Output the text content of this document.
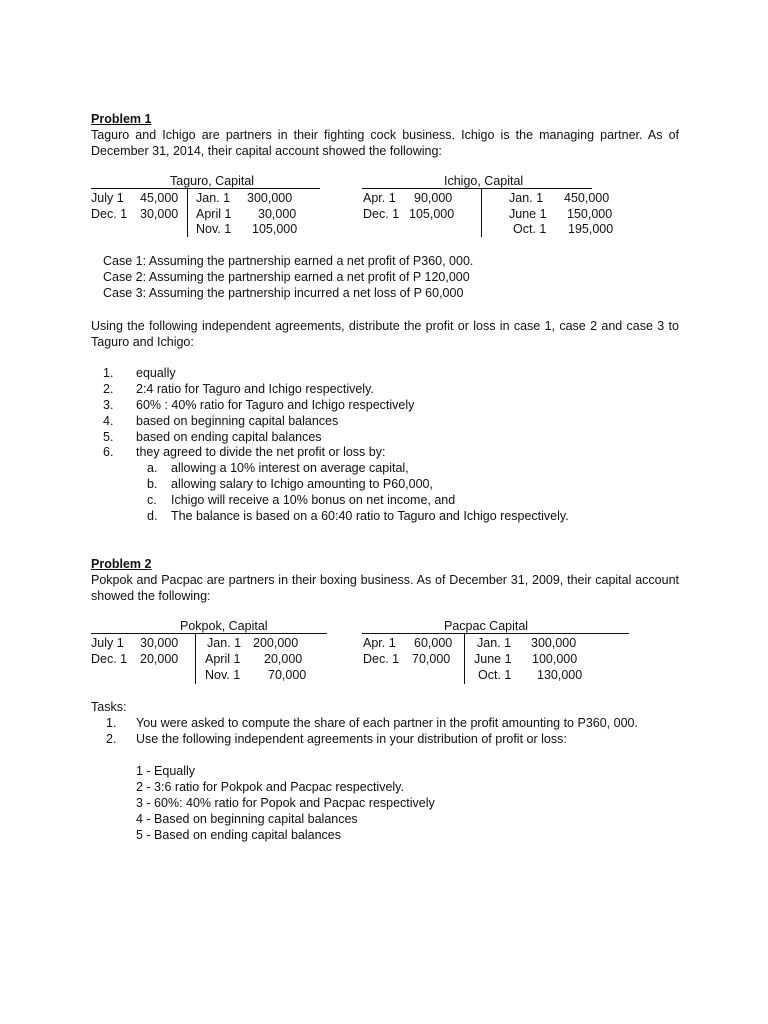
Problem 1
Taguro and Ichigo are partners in their fighting cock business. Ichigo is the managing partner. As of December 31, 2014, their capital account showed the following:
Taguro, Capital
July 1 45,000
Dec. 1 30,000
Jan. 1 300,000
April 1 30,000
Nov. 1 105,000
Ichigo, Capital
Apr. 1 90,000
Dec. 1 105,000
Jan. 1 450,000
June 1 150,000
Oct. 1 195,000
Case 1: Assuming the partnership earned a net profit of P360, 000.
Case 2: Assuming the partnership earned a net profit of P 120,000
Case 3: Assuming the partnership incurred a net loss of P 60,000
Using the following independent agreements, distribute the profit or loss in case 1, case 2 and case 3 to Taguro and Ichigo:
1. equally
2. 2:4 ratio for Taguro and Ichigo respectively.
3. 60% : 40% ratio for Taguro and Ichigo respectively
4. based on beginning capital balances
5. based on ending capital balances
6. they agreed to divide the net profit or loss by:
a. allowing a 10% interest on average capital,
b. allowing salary to Ichigo amounting to P60,000,
c. Ichigo will receive a 10% bonus on net income, and
d. The balance is based on a 60:40 ratio to Taguro and Ichigo respectively.
Problem 2
Pokpok and Pacpac are partners in their boxing business. As of December 31, 2009, their capital account showed the following:
Pokpok, Capital
July 1 30,000
Dec. 1 20,000
Jan. 1 200,000
April 1 20,000
Nov. 1 70,000
Pacpac Capital
Apr. 1 60,000
Dec. 1 70,000
Jan. 1 300,000
June 1 100,000
Oct. 1 130,000
Tasks:
1. You were asked to compute the share of each partner in the profit amounting to P360, 000.
2. Use the following independent agreements in your distribution of profit or loss:
1 - Equally
2 - 3:6 ratio for Pokpok and Pacpac respectively.
3 - 60%: 40% ratio for Popok and Pacpac respectively
4 - Based on beginning capital balances
5 - Based on ending capital balances
